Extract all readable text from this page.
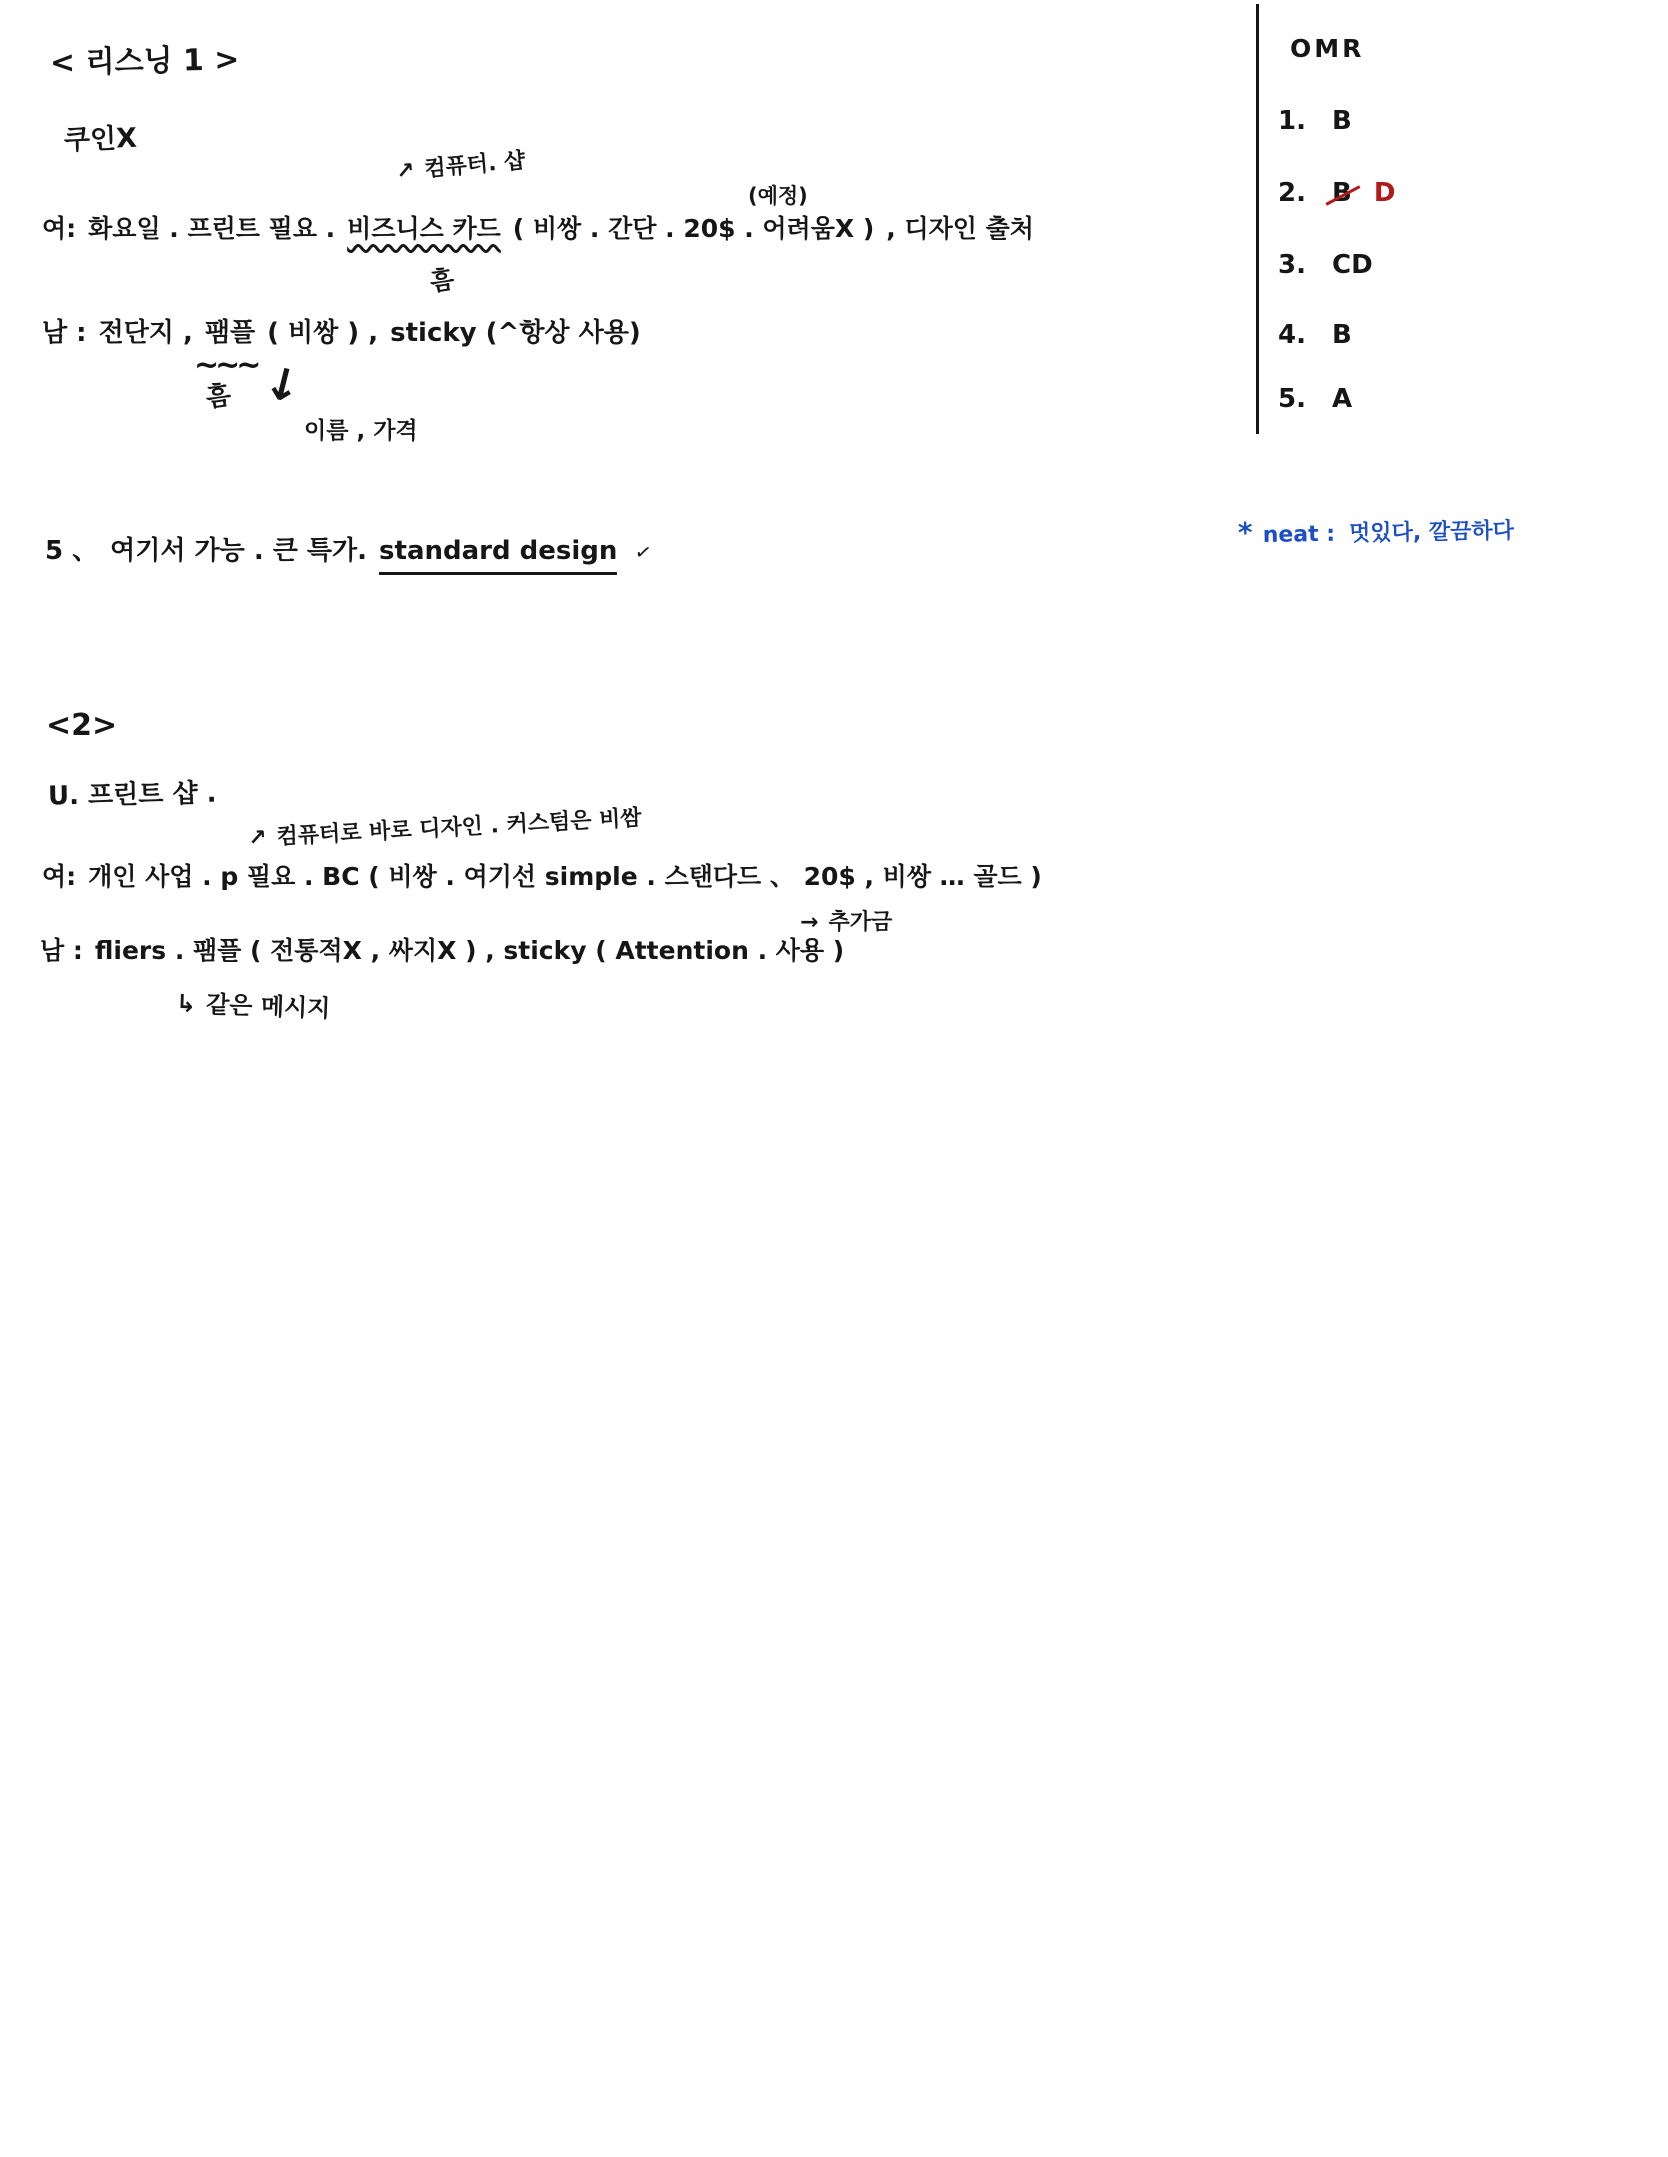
< 리스닝 1 >
쿠인X
↗ 컴퓨터. 샵
(예정)
여: 화요일 . 프린트 필요 . 비즈니스 카드 ( 비쌍 . 간단 . 20$ . 어려움X ) , 디자인 출처
흠
남 : 전단지 , 팸플 ( 비쌍 ) , sticky (^항상 사용)
~~~
흠 ↓
이름 , 가격
5 、 여기서 가능 . 큰 특가. standard design ✓
<2>
U. 프린트 샵 .
↗ 컴퓨터로 바로 디자인 . 커스텀은 비쌈
여: 개인 사업 . p 필요 . BC ( 비쌍 . 여기선 simple . 스탠다드 、 20$ , 비쌍 … 골드 )
→ 추가금
남 : fliers . 팸플 ( 전통적X , 싸지X ) , sticky ( Attention . 사용 )
↳ 같은 메시지
OMR
1. B
2. B D
3. CD
4. B
5. A
* neat : 멋있다, 깔끔하다
